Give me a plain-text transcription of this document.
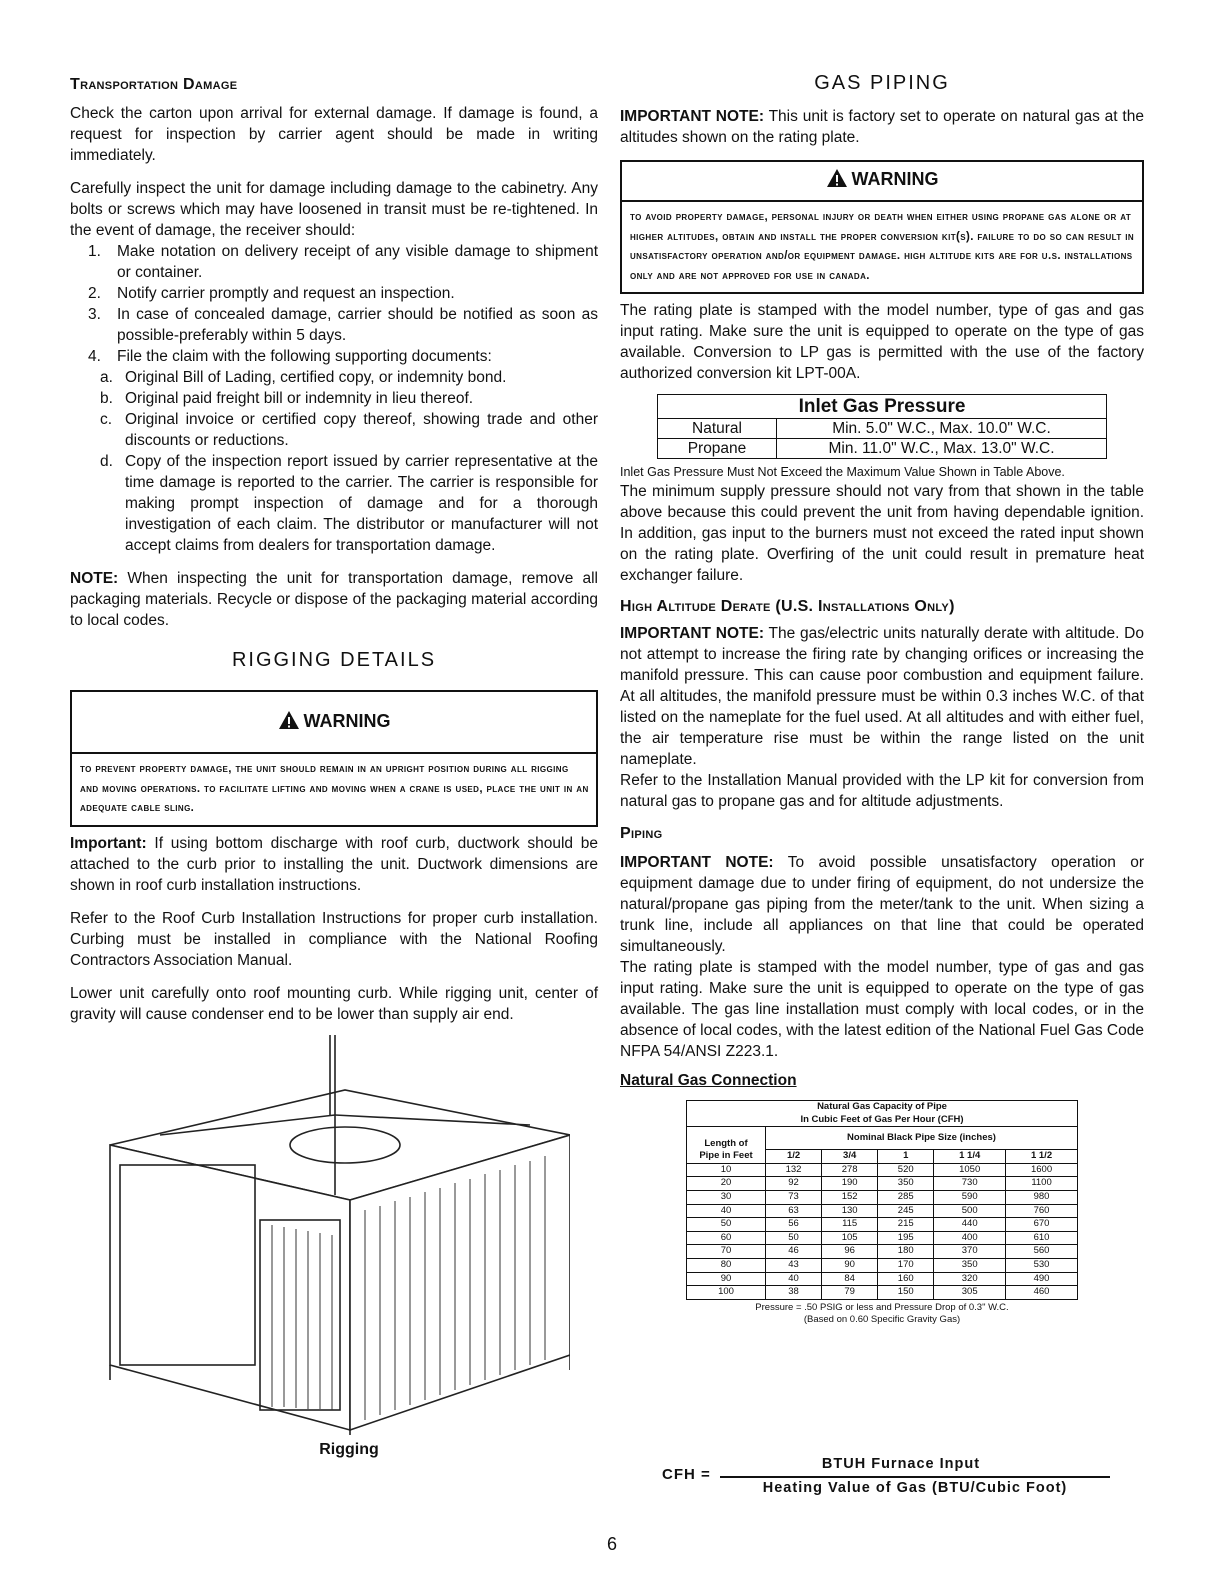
Transportation Damage

Check the carton upon arrival for external damage. If damage is found, a request for inspection by carrier agent should be made in writing immediately.

Carefully inspect the unit for damage including damage to the cabinetry. Any bolts or screws which may have loosened in transit must be re-tightened. In the event of damage, the receiver should:

1. Make notation on delivery receipt of any visible damage to shipment or container.
2. Notify carrier promptly and request an inspection.
3. In case of concealed damage, carrier should be notified as soon as possible-preferably within 5 days.
4. File the claim with the following supporting documents:
a. Original Bill of Lading, certified copy, or indemnity bond.
b. Original paid freight bill or indemnity in lieu thereof.
c. Original invoice or certified copy thereof, showing trade and other discounts or reductions.
d. Copy of the inspection report issued by carrier representative at the time damage is reported to the carrier. The carrier is responsible for making prompt inspection of damage and for a thorough investigation of each claim. The distributor or manufacturer will not accept claims from dealers for transportation damage.

NOTE: When inspecting the unit for transportation damage, remove all packaging materials. Recycle or dispose of the packaging material according to local codes.

RIGGING DETAILS
WARNING
to prevent property damage, the unit should remain in an upright position during all rigging and moving operations. to facilitate lifting and moving when a crane is used, place the unit in an adequate cable sling.

Important: If using bottom discharge with roof curb, ductwork should be attached to the curb prior to installing the unit. Ductwork dimensions are shown in roof curb installation instructions.

Refer to the Roof Curb Installation Instructions for proper curb installation. Curbing must be installed in compliance with the National Roofing Contractors Association Manual.

Lower unit carefully onto roof mounting curb. While rigging unit, center of gravity will cause condenser end to be lower than supply air end.

Rigging
GAS PIPING

IMPORTANT NOTE: This unit is factory set to operate on natural gas at the altitudes shown on the rating plate.

WARNING
to avoid property damage, personal injury or death when either using propane gas alone or at higher altitudes, obtain and install the proper conversion kit(s). failure to do so can result in unsatisfactory operation and/or equipment damage. high altitude kits are for u.s. installations only and are not approved for use in canada.

The rating plate is stamped with the model number, type of gas and gas input rating. Make sure the unit is equipped to operate on the type of gas available. Conversion to LP gas is permitted with the use of the factory authorized conversion kit LPT-00A.

Inlet Gas Pressure	
Natural	Min. 5.0" W.C., Max. 10.0" W.C.
Propane	Min. 11.0" W.C., Max. 13.0" W.C.

Inlet Gas Pressure Must Not Exceed the Maximum Value Shown in Table Above.

The minimum supply pressure should not vary from that shown in the table above because this could prevent the unit from having dependable ignition. In addition, gas input to the burners must not exceed the rated input shown on the rating plate. Overfiring of the unit could result in premature heat exchanger failure.

High Altitude Derate (U.S. Installations Only)

IMPORTANT NOTE: The gas/electric units naturally derate with altitude. Do not attempt to increase the firing rate by changing orifices or increasing the manifold pressure. This can cause poor combustion and equipment failure. At all altitudes, the manifold pressure must be within 0.3 inches W.C. of that listed on the nameplate for the fuel used. At all altitudes and with either fuel, the air temperature rise must be within the range listed on the unit nameplate.

Refer to the Installation Manual provided with the LP kit for conversion from natural gas to propane gas and for altitude adjustments.

Piping

IMPORTANT NOTE: To avoid possible unsatisfactory operation or equipment damage due to under firing of equipment, do not undersize the natural/propane gas piping from the meter/tank to the unit. When sizing a trunk line, include all appliances on that line that could be operated simultaneously.

The rating plate is stamped with the model number, type of gas and gas input rating. Make sure the unit is equipped to operate on the type of gas available. The gas line installation must comply with local codes, or in the absence of local codes, with the latest edition of the National Fuel Gas Code NFPA 54/ANSI Z223.1.

Natural Gas Connection
Natural Gas Capacity of Pipe
In Cubic Feet of Gas Per Hour (CFH)					

Length of
Pipe in Feet	Nominal Black Pipe Size (inches)				
	1/2	3/4	1	1 1/4	1 1/2
10	132	278	520	1050	1600
20	92	190	350	730	1100
30	73	152	285	590	980
40	63	130	245	500	760
50	56	115	215	440	670
60	50	105	195	400	610
70	46	96	180	370	560
80	43	90	170	350	530
90	40	84	160	320	490
100	38	79	150	305	460
Pressure = .50 PSIG or less and Pressure Drop of 0.3" W.C. (Based on 0.60 Specific Gravity Gas)
CFH =
BTUH Furnace Input
Heating Value of Gas (BTU/Cubic Foot)
6
